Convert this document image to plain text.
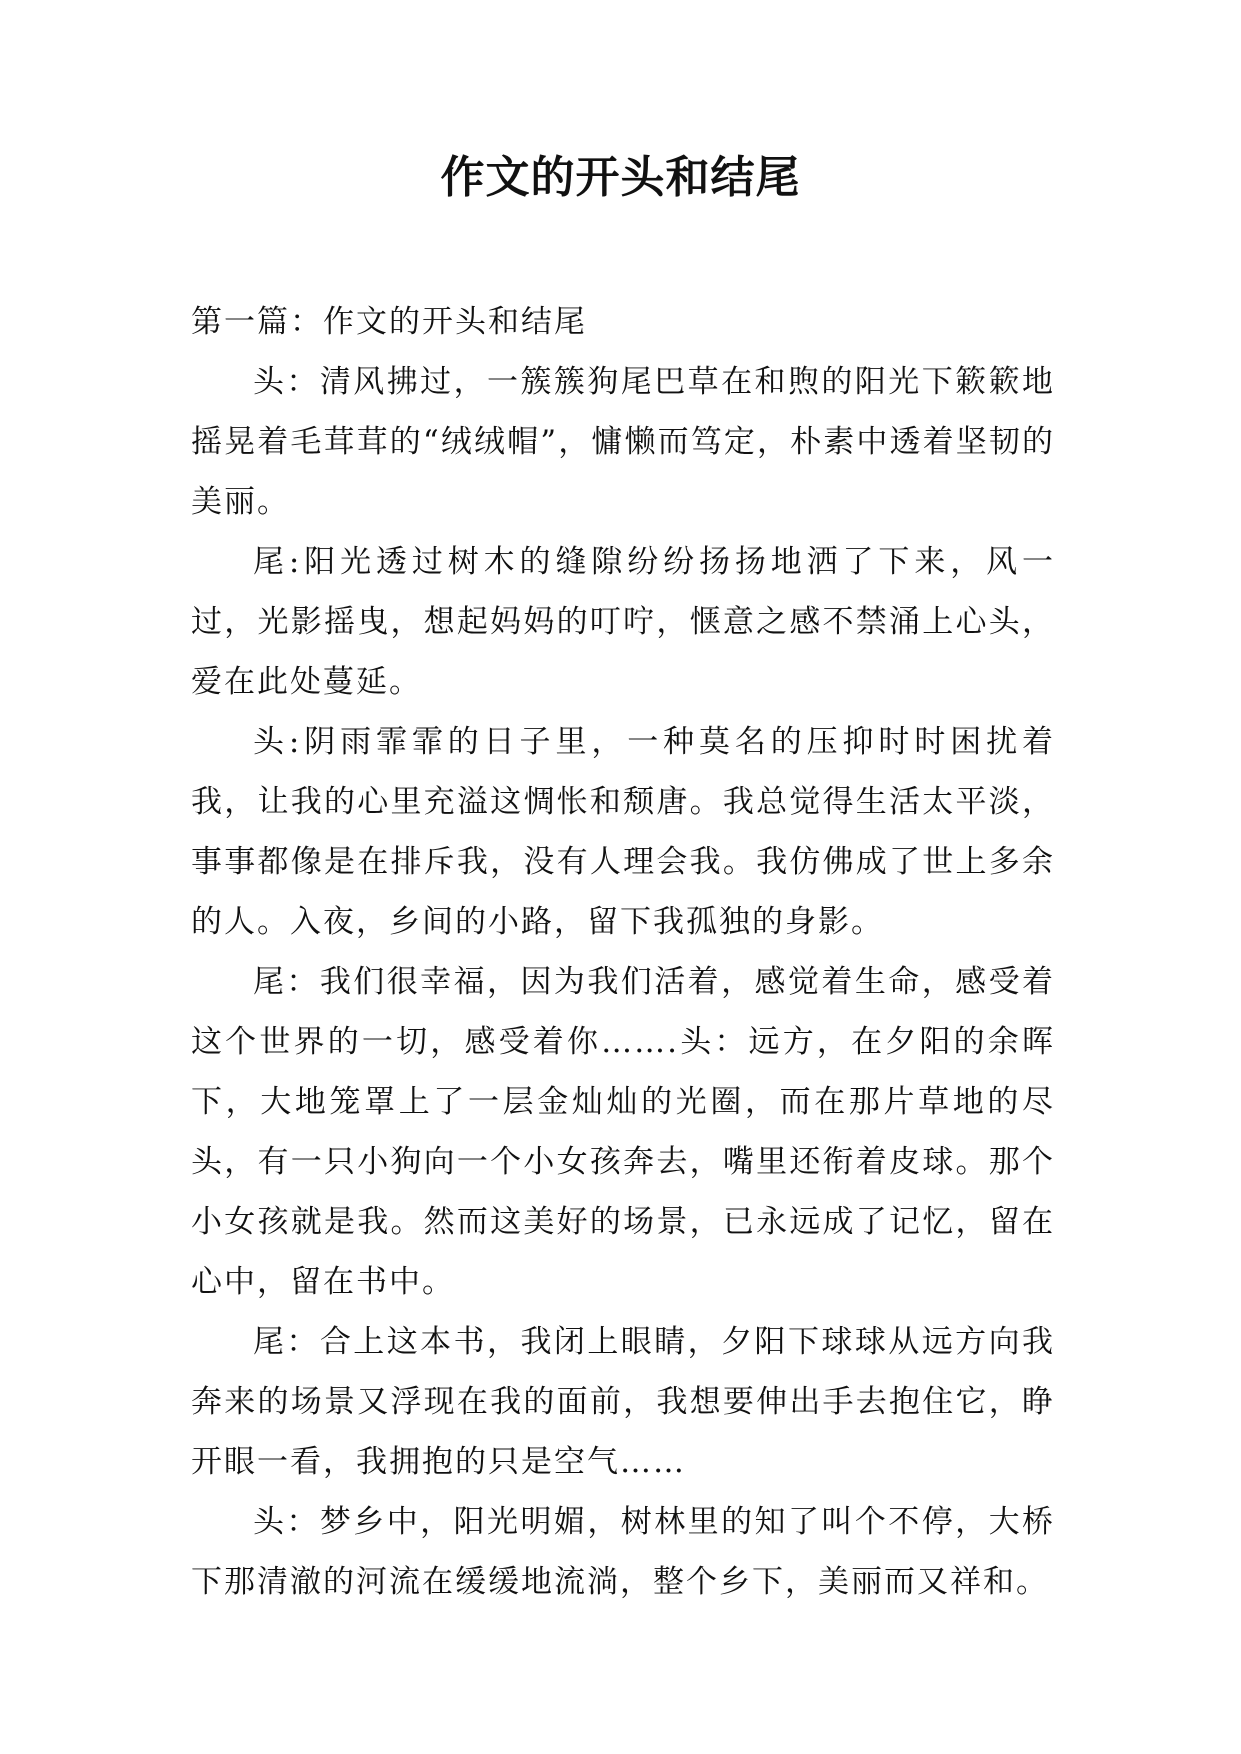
作文的开头和结尾

第一篇：作文的开头和结尾

头：清风拂过，一簇簇狗尾巴草在和煦的阳光下簌簌地摇晃着毛茸茸的“绒绒帽”，慵懒而笃定，朴素中透着坚韧的美丽。

尾:阳光透过树木的缝隙纷纷扬扬地洒了下来，风一过，光影摇曳，想起妈妈的叮咛，惬意之感不禁涌上心头，爱在此处蔓延。

头:阴雨霏霏的日子里，一种莫名的压抑时时困扰着我，让我的心里充溢这惆怅和颓唐。我总觉得生活太平淡，事事都像是在排斥我，没有人理会我。我仿佛成了世上多余的人。入夜，乡间的小路，留下我孤独的身影。

尾：我们很幸福，因为我们活着，感觉着生命，感受着这个世界的一切，感受着你…….头：远方，在夕阳的余晖下，大地笼罩上了一层金灿灿的光圈，而在那片草地的尽头，有一只小狗向一个小女孩奔去，嘴里还衔着皮球。那个小女孩就是我。然而这美好的场景，已永远成了记忆，留在心中，留在书中。

尾：合上这本书，我闭上眼睛，夕阳下球球从远方向我奔来的场景又浮现在我的面前，我想要伸出手去抱住它，睁开眼一看，我拥抱的只是空气……

头：梦乡中，阳光明媚，树林里的知了叫个不停，大桥下那清澈的河流在缓缓地流淌，整个乡下，美丽而又祥和。
